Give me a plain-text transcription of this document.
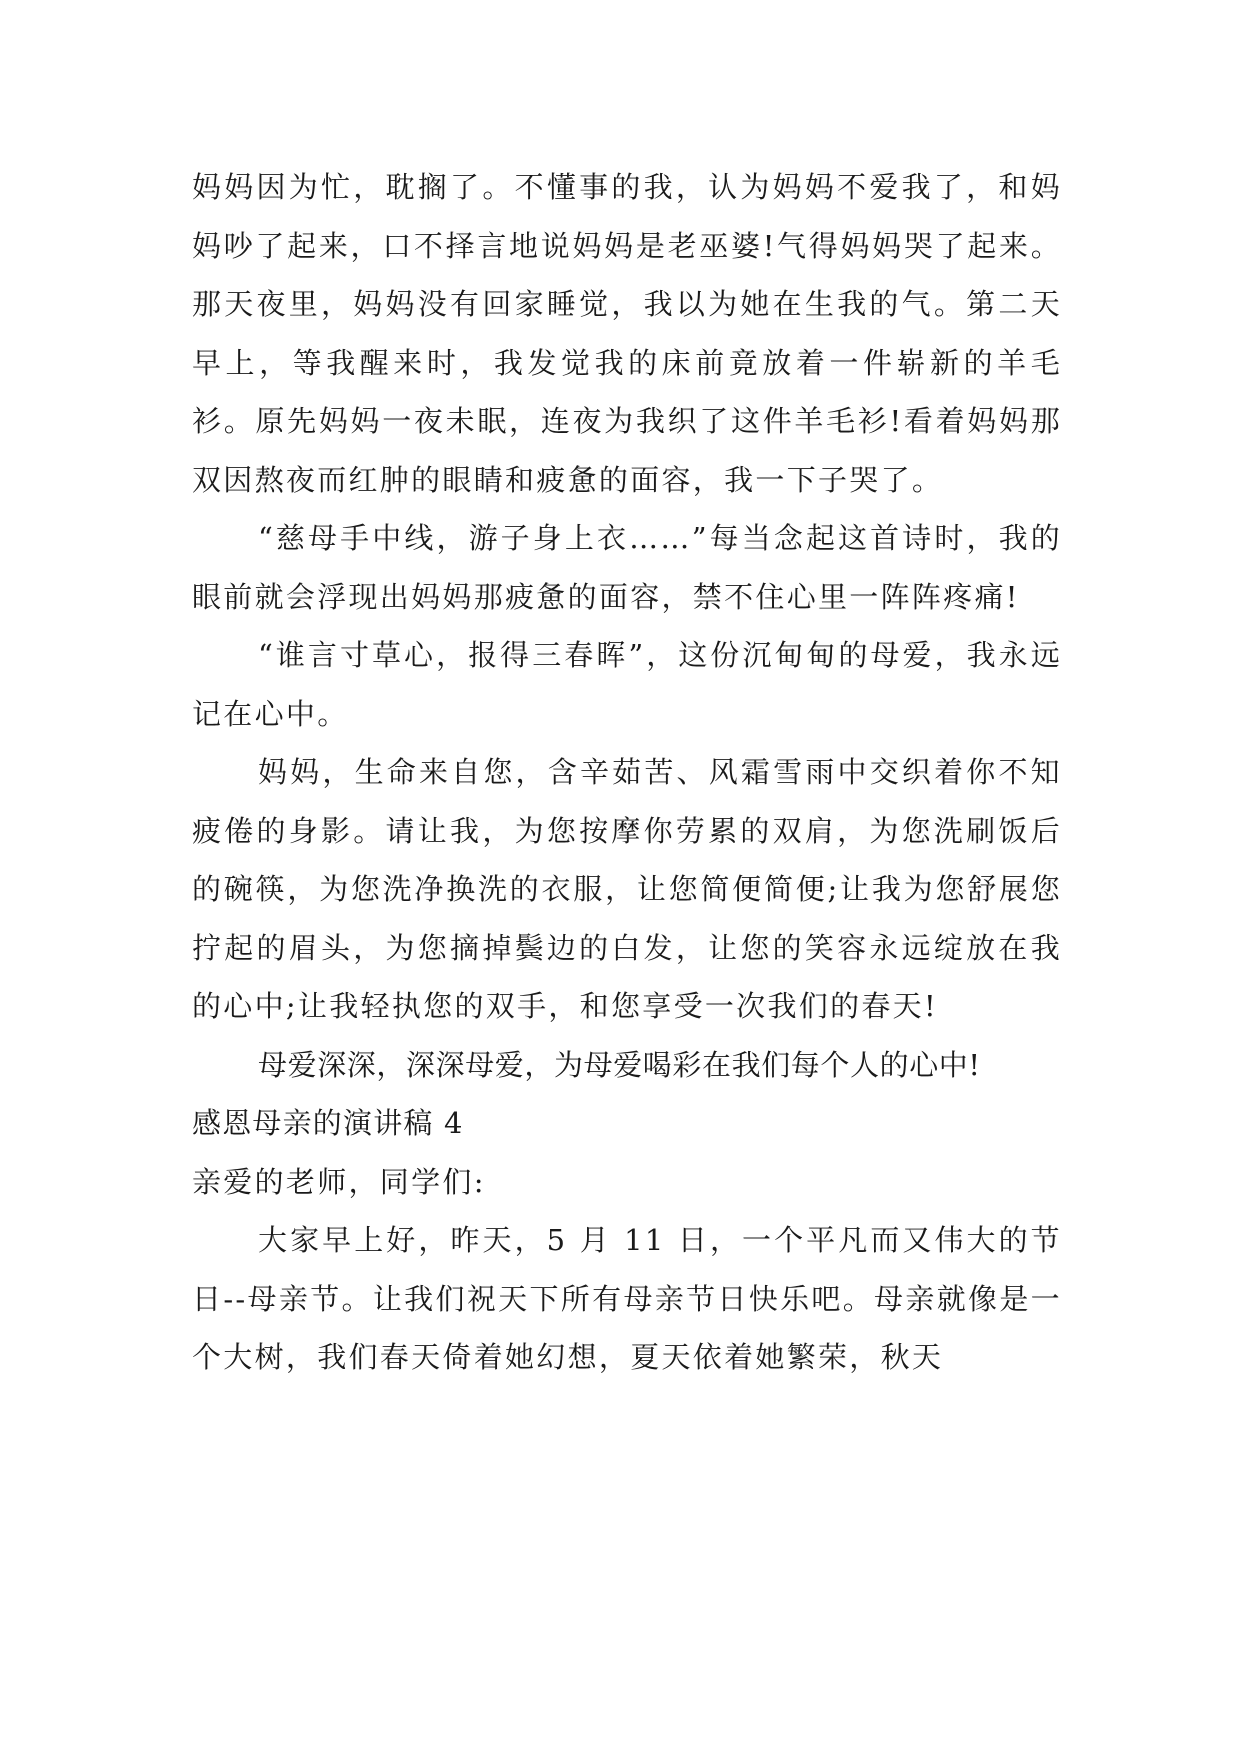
妈妈因为忙，耽搁了。不懂事的我，认为妈妈不爱我了，和妈妈吵了起来，口不择言地说妈妈是老巫婆!气得妈妈哭了起来。那天夜里，妈妈没有回家睡觉，我以为她在生我的气。第二天早上，等我醒来时，我发觉我的床前竟放着一件崭新的羊毛衫。原先妈妈一夜未眠，连夜为我织了这件羊毛衫!看着妈妈那双因熬夜而红肿的眼睛和疲惫的面容，我一下子哭了。

“慈母手中线，游子身上衣……”每当念起这首诗时，我的眼前就会浮现出妈妈那疲惫的面容，禁不住心里一阵阵疼痛!

“谁言寸草心，报得三春晖”，这份沉甸甸的母爱，我永远记在心中。

妈妈，生命来自您，含辛茹苦、风霜雪雨中交织着你不知疲倦的身影。请让我，为您按摩你劳累的双肩，为您洗刷饭后的碗筷，为您洗净换洗的衣服，让您简便简便;让我为您舒展您拧起的眉头，为您摘掉鬓边的白发，让您的笑容永远绽放在我的心中;让我轻执您的双手，和您享受一次我们的春天!

母爱深深，深深母爱，为母爱喝彩在我们每个人的心中!

感恩母亲的演讲稿 4

亲爱的老师，同学们:

大家早上好，昨天，5 月 11 日，一个平凡而又伟大的节日--母亲节。让我们祝天下所有母亲节日快乐吧。母亲就像是一个大树，我们春天倚着她幻想，夏天依着她繁荣，秋天
